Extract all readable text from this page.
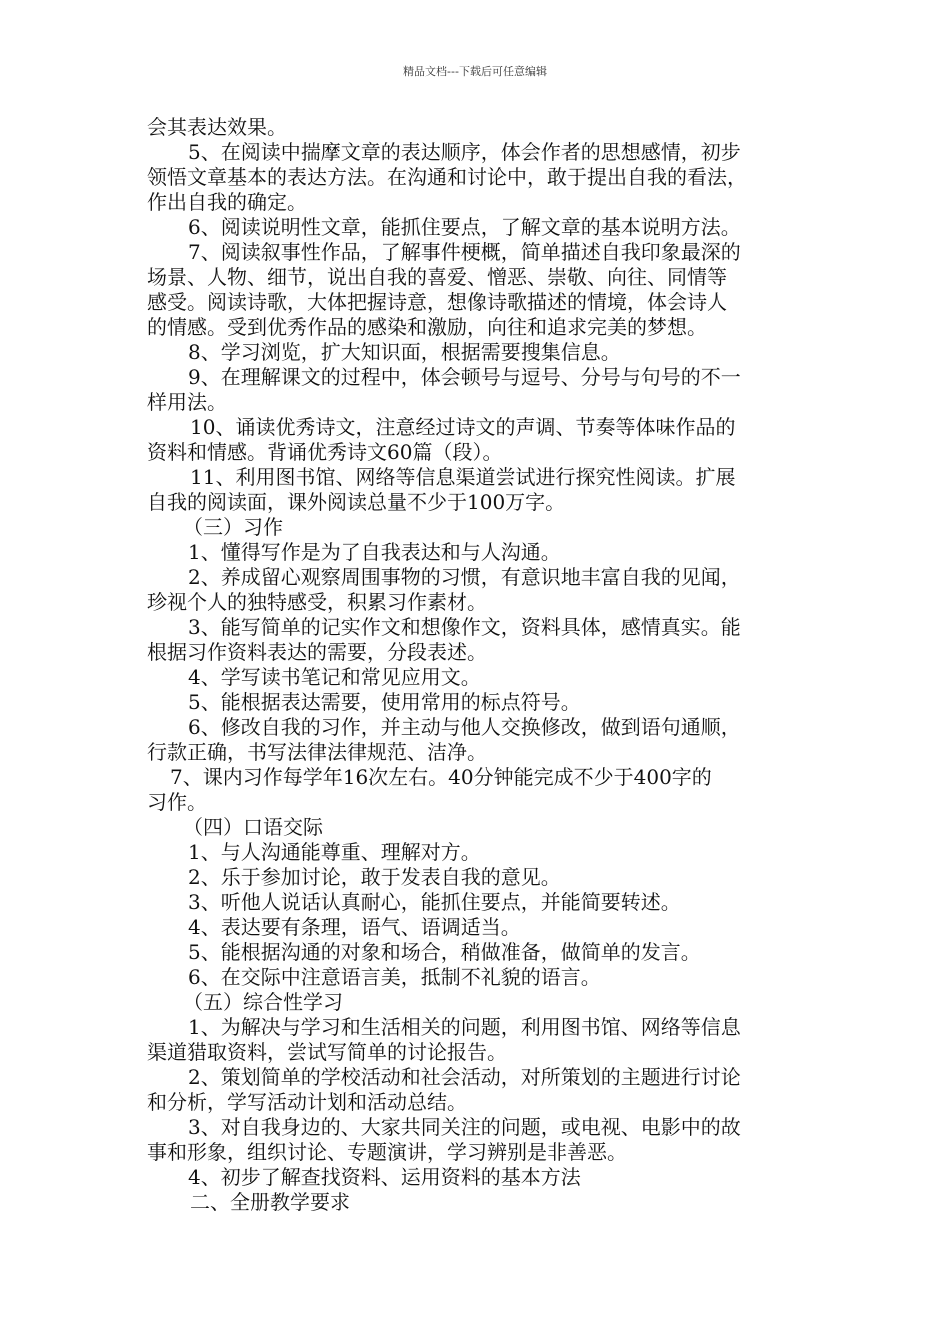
精品文档---下载后可任意编辑
会其表达效果。
5、在阅读中揣摩文章的表达顺序，体会作者的思想感情，初步
领悟文章基本的表达方法。在沟通和讨论中，敢于提出自我的看法，
作出自我的确定。
6、阅读说明性文章，能抓住要点，了解文章的基本说明方法。
7、阅读叙事性作品，了解事件梗概，简单描述自我印象最深的
场景、人物、细节，说出自我的喜爱、憎恶、崇敬、向往、同情等
感受。阅读诗歌，大体把握诗意，想像诗歌描述的情境，体会诗人
的情感。受到优秀作品的感染和激励，向往和追求完美的梦想。
8、学习浏览，扩大知识面，根据需要搜集信息。
9、在理解课文的过程中，体会顿号与逗号、分号与句号的不一
样用法。
10、诵读优秀诗文，注意经过诗文的声调、节奏等体味作品的
资料和情感。背诵优秀诗文60篇（段）。
11、利用图书馆、网络等信息渠道尝试进行探究性阅读。扩展
自我的阅读面，课外阅读总量不少于100万字。
（三）习作
1、懂得写作是为了自我表达和与人沟通。
2、养成留心观察周围事物的习惯，有意识地丰富自我的见闻，
珍视个人的独特感受，积累习作素材。
3、能写简单的记实作文和想像作文，资料具体，感情真实。能
根据习作资料表达的需要，分段表述。
4、学写读书笔记和常见应用文。
5、能根据表达需要，使用常用的标点符号。
6、修改自我的习作，并主动与他人交换修改，做到语句通顺，
行款正确，书写法律法律规范、洁净。
7、课内习作每学年16次左右。40分钟能完成不少于400字的
习作。
（四）口语交际
1、与人沟通能尊重、理解对方。
2、乐于参加讨论，敢于发表自我的意见。
3、听他人说话认真耐心，能抓住要点，并能简要转述。
4、表达要有条理，语气、语调适当。
5、能根据沟通的对象和场合，稍做准备，做简单的发言。
6、在交际中注意语言美，抵制不礼貌的语言。
（五）综合性学习
1、为解决与学习和生活相关的问题，利用图书馆、网络等信息
渠道猎取资料，尝试写简单的讨论报告。
2、策划简单的学校活动和社会活动，对所策划的主题进行讨论
和分析，学写活动计划和活动总结。
3、对自我身边的、大家共同关注的问题，或电视、电影中的故
事和形象，组织讨论、专题演讲，学习辨别是非善恶。
4、初步了解查找资料、运用资料的基本方法
二、全册教学要求
